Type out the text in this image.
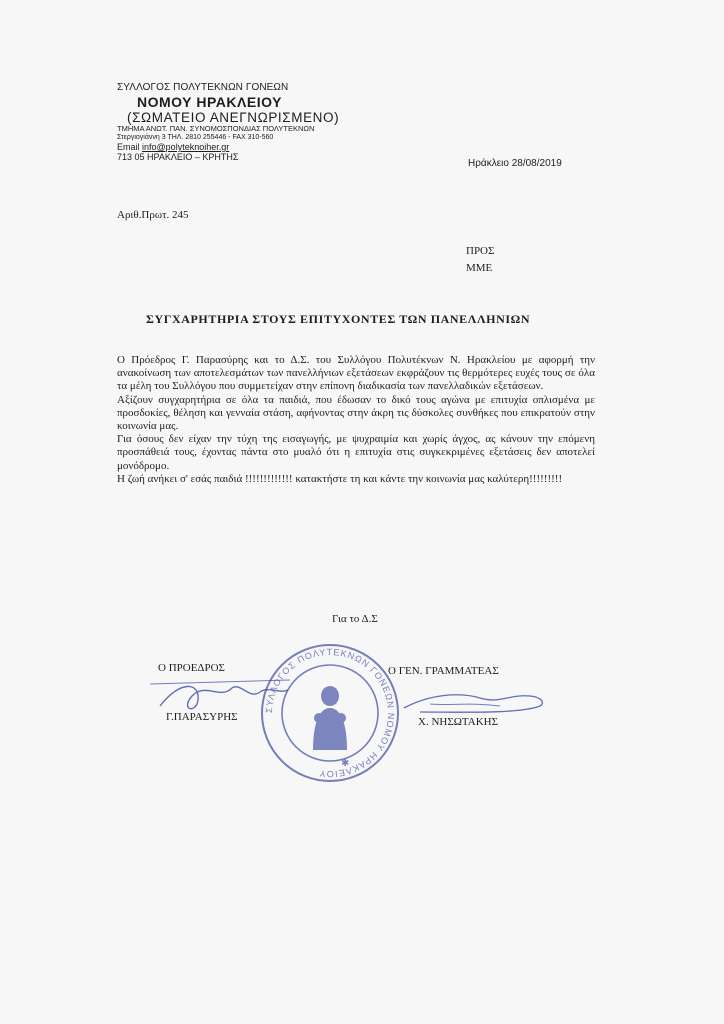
ΣΥΛΛΟΓΟΣ ΠΟΛΥΤΕΚΝΩΝ ΓΟΝΕΩΝ
ΝΟΜΟΥ ΗΡΑΚΛΕΙΟΥ
(ΣΩΜΑΤΕΙΟ ΑΝΕΓΝΩΡΙΣΜΕΝΟ)
ΤΜΗΜΑ ΑΝΩΤ. ΠΑΝ. ΣΥΝΟΜΟΣΠΟΝΔΙΑΣ ΠΟΛΥΤΕΚΝΩΝ
Στεργιογιάννη 3 ΤΗΛ. 2810 255446 - FAX 310-560
Email info@polyteknoiher.gr
713 05 ΗΡΑΚΛΕΙΟ – ΚΡΗΤΗΣ
Ηράκλειο 28/08/2019
Αριθ.Πρωτ. 245
ΠΡΟΣ
ΜΜΕ
ΣΥΓΧΑΡΗΤΗΡΙΑ ΣΤΟΥΣ ΕΠΙΤΥΧΟΝΤΕΣ ΤΩΝ ΠΑΝΕΛΛΗΝΙΩΝ

Ο Πρόεδρος Γ. Παρασύρης και το Δ.Σ. του Συλλόγου Πολυτέκνων Ν. Ηρακλείου με αφορμή την ανακοίνωση των αποτελεσμάτων των πανελλήνιων εξετάσεων εκφράζουν τις θερμότερες ευχές τους σε όλα τα μέλη του Συλλόγου που συμμετείχαν στην επίπονη διαδικασία των πανελλαδικών εξετάσεων.

Αξίζουν συγχαρητήρια σε όλα τα παιδιά, που έδωσαν το δικό τους αγώνα με επιτυχία οπλισμένα με προσδοκίες, θέληση και γενναία στάση, αφήνοντας στην άκρη τις δύσκολες συνθήκες που επικρατούν στην κοινωνία μας.

Για όσους δεν είχαν την τύχη της εισαγωγής, με ψυχραιμία και χωρίς άγχος, ας κάνουν την επόμενη προσπάθειά τους, έχοντας πάντα στο μυαλό ότι η επιτυχία στις συγκεκριμένες εξετάσεις δεν αποτελεί μονόδρομο.

Η ζωή ανήκει σ' εσάς παιδιά !!!!!!!!!!!!! κατακτήστε τη και κάντε την κοινωνία μας καλύτερη!!!!!!!!!

Για το Δ.Σ
Ο ΠΡΟΕΔΡΟΣ
Γ.ΠΑΡΑΣΥΡΗΣ
Ο ΓΕΝ. ΓΡΑΜΜΑΤΕΑΣ
Χ. ΝΗΣΩΤΑΚΗΣ
ΣΥΛΛΟΓΟΣ ΠΟΛΥΤΕΚΝΩΝ ΓΟΝΕΩΝ ΝΟΜΟΥ ΗΡΑΚΛΕΙΟΥ
✱
